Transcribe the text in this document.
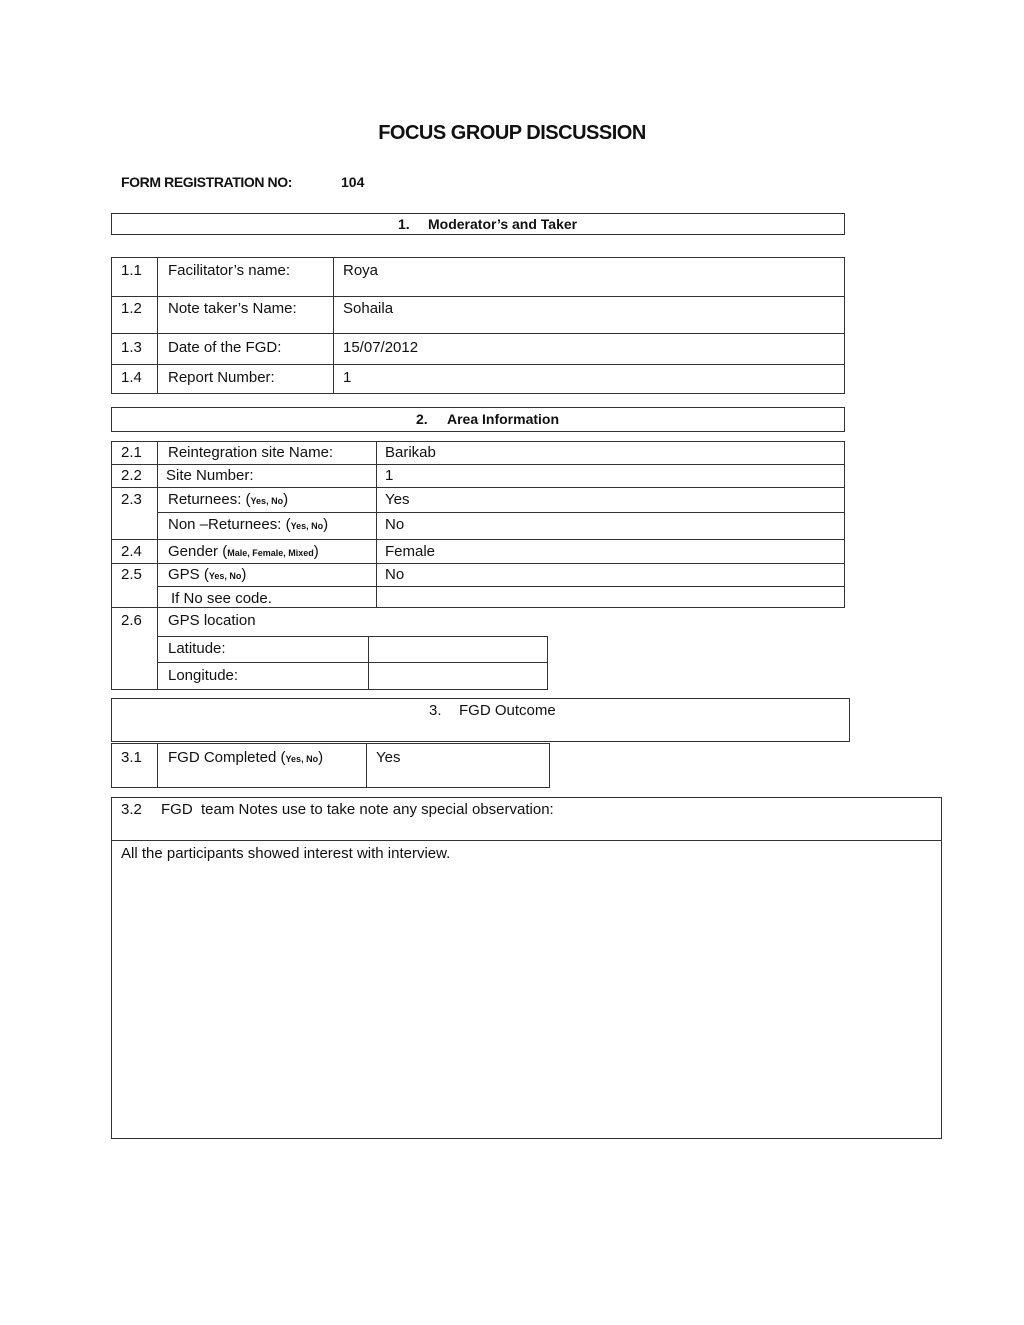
FOCUS GROUP DISCUSSION
FORM REGISTRATION NO:	104
1. Moderator’s and Taker
1.1 Facilitator’s name:	Roya
1.2 Note taker’s Name:	Sohaila
1.3 Date of the FGD:	15/07/2012
1.4 Report Number:	1
2. Area Information
2.1 Reintegration site Name:	Barikab
2.2 Site Number:	1
2.3 Returnees: (Yes, No)	Yes
Non –Returnees: (Yes, No)	No
2.4 Gender (Male, Female, Mixed)	Female
2.5 GPS (Yes, No)	No
If No see code.
2.6 GPS location
Latitude:
Longitude:
3. FGD Outcome
3.1 FGD Completed (Yes, No)	Yes
3.2 FGD  team Notes use to take note any special observation:
All the participants showed interest with interview.
